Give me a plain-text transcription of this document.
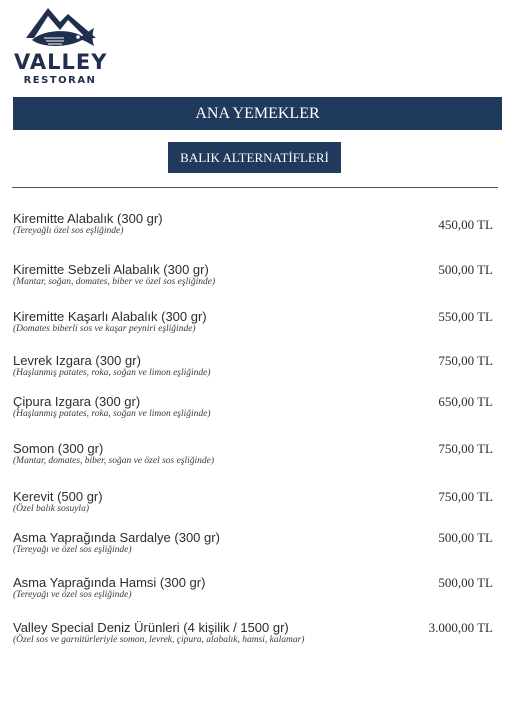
VALLEY
RESTORAN
ANA YEMEKLER
BALIK ALTERNATİFLERİ
Kiremitte Alabalık (300 gr)
(Tereyağlı özel sos eşliğinde)	450,00 TL
Kiremitte Sebzeli Alabalık (300 gr)
(Mantar, soğan, domates, biber ve özel sos eşliğinde)
500,00 TL
Kiremitte Kaşarlı Alabalık (300 gr)
(Domates biberli sos ve kaşar peyniri eşliğinde)
550,00 TL
Levrek Izgara (300 gr)
(Haşlanmış patates, roka, soğan ve limon eşliğinde)
750,00 TL
Çipura Izgara (300 gr)
(Haşlanmış patates, roka, soğan ve limon eşliğinde)
650,00 TL
Somon (300 gr)
(Mantar, domates, biber, soğan ve özel sos eşliğinde)
750,00 TL
Kerevit (500 gr)
(Özel balık sosuyla)
750,00 TL
Asma Yaprağında Sardalye (300 gr)
(Tereyağı ve özel sos eşliğinde)
500,00 TL
Asma Yaprağında Hamsi (300 gr)
(Tereyağı ve özel sos eşliğinde)
500,00 TL
Valley Special Deniz Ürünleri (4 kişilik / 1500 gr)
(Özel sos ve garnitürleriyle somon, levrek, çipura, alabalık, hamsi, kalamar)
3.000,00 TL
